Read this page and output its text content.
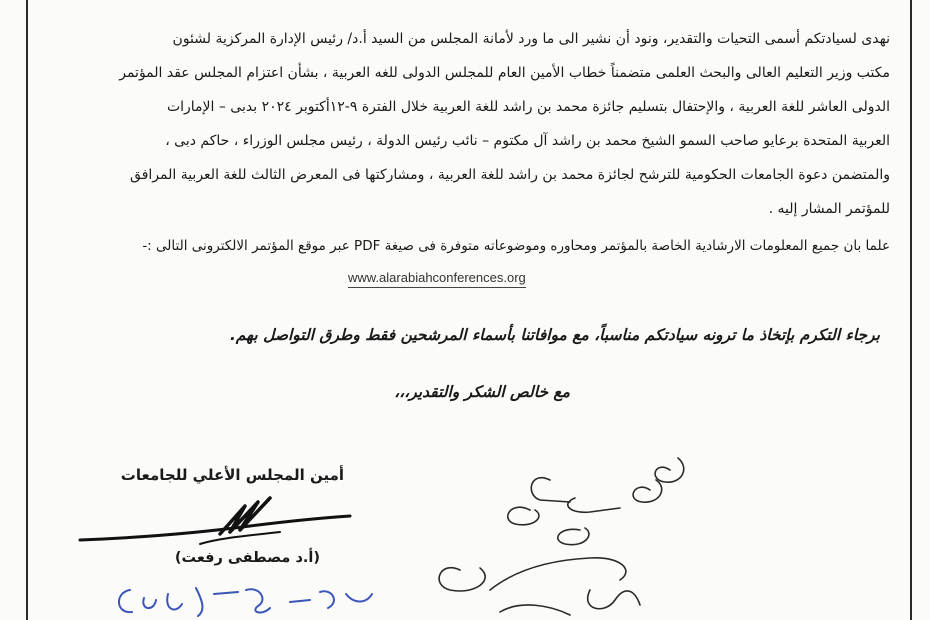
نهدى لسيادتكم أسمى التحيات والتقدير، ونود أن نشير الى ما ورد لأمانة المجلس من السيد أ.د/ رئيس الإدارة المركزية لشئون
مكتب وزير التعليم العالى والبحث العلمى متضمناً خطاب الأمين العام للمجلس الدولى للغه العربية ، بشأن اعتزام المجلس عقد المؤتمر
الدولى العاشر للغة العربية ، والإحتفال بتسليم جائزة محمد بن راشد للغة العربية خلال الفترة ٩-١٢أكتوبر ٢٠٢٤ بدبى – الإمارات
العربية المتحدة برعايو صاحب السمو الشيخ محمد بن راشد آل مكتوم – نائب رئيس الدولة ، رئيس مجلس الوزراء ، حاكم دبى ،
والمتضمن دعوة الجامعات الحكومية للترشح لجائزة محمد بن راشد للغة العربية ، ومشاركتها فى المعرض الثالث للغة العربية المرافق
للمؤتمر المشار إليه .
علما بان جميع المعلومات الارشادية الخاصة بالمؤتمر ومحاوره وموضوعاته متوفرة فى صيغة PDF عبر موقع المؤتمر الالكترونى التالى :-
www.alarabiahconferences.org
برجاء التكرم بإتخاذ ما ترونه سيادتكم مناسباً، مع موافاتنا بأسماء المرشحين فقط وطرق التواصل بهم.
مع خالص الشكر والتقدير،،،
أمين المجلس الأعلي للجامعات
(أ.د مصطفى رفعت)
